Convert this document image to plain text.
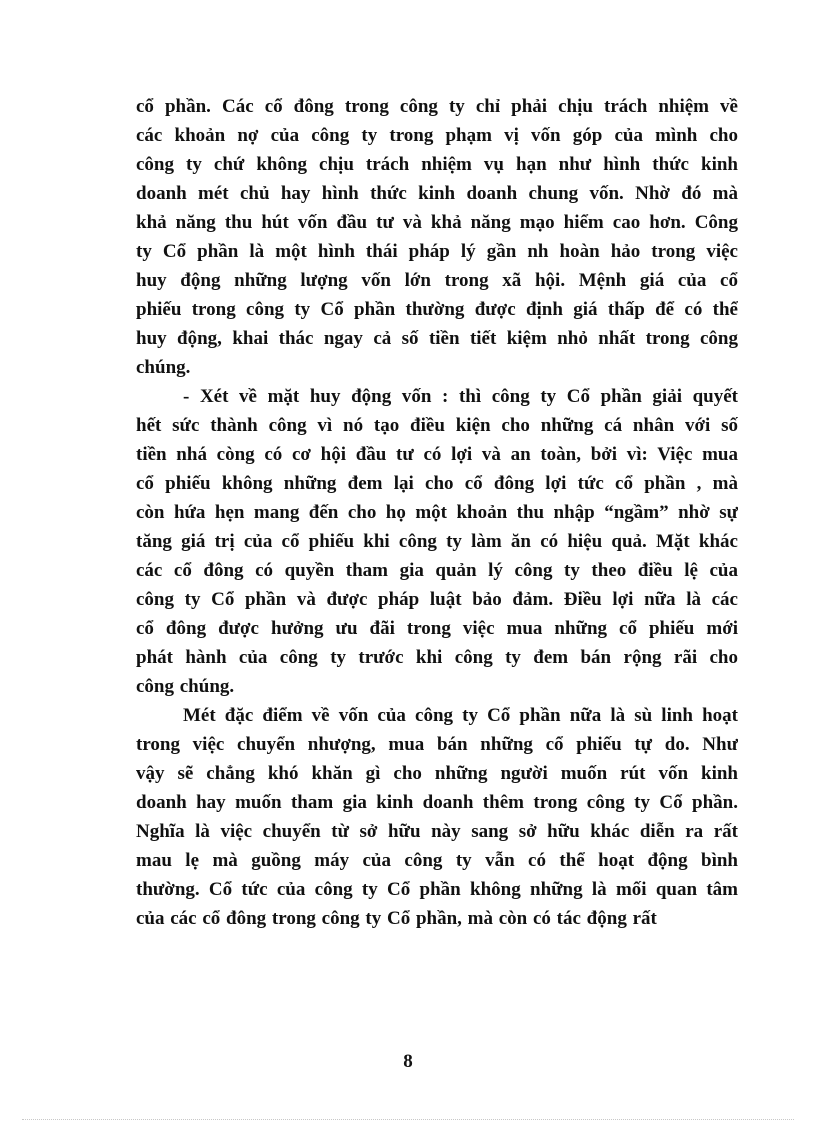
cổ phần. Các cổ đông trong công ty chỉ phải chịu trách nhiệm về
các khoản nợ của công ty trong phạm vị vốn góp của mình cho
công ty chứ không chịu trách nhiệm vụ hạn như hình thức kinh
doanh mét chủ hay hình thức kinh doanh chung vốn. Nhờ đó mà
khả năng thu hút vốn đầu tư và khả năng mạo hiểm cao hơn. Công
ty Cổ phần là một hình thái pháp lý gần nh hoàn hảo trong việc
huy động những lượng vốn lớn trong xã hội. Mệnh giá của cổ
phiếu trong công ty Cổ phần thường được định giá thấp để có thể
huy động, khai thác ngay cả số tiền tiết kiệm nhỏ nhất trong công
chúng.
- Xét về mặt huy động vốn : thì công ty Cổ phần giải quyết
hết sức thành công vì nó tạo điều kiện cho những cá nhân với số
tiền nhá còng có cơ hội đầu tư có lợi và an toàn, bởi vì: Việc mua
cổ phiếu không những đem lại cho cổ đông lợi tức cổ phần , mà
còn hứa hẹn mang đến cho họ một khoản thu nhập “ngầm” nhờ sự
tăng giá trị của cổ phiếu khi công ty làm ăn có hiệu quả. Mặt khác
các cổ đông có quyền tham gia quản lý công ty theo điều lệ của
công ty Cổ phần và được pháp luật bảo đảm. Điều lợi nữa là các
cổ đông được hưởng ưu đãi trong việc mua những cổ phiếu mới
phát hành của công ty trước khi công ty đem bán rộng rãi cho
công chúng.
Mét đặc điểm về vốn của công ty Cổ phần nữa là sù linh hoạt
trong việc chuyển nhượng, mua bán những cổ phiếu tự do. Như
vậy sẽ chẳng khó khăn gì cho những người muốn rút vốn kinh
doanh hay muốn tham gia kinh doanh thêm trong công ty Cổ phần.
Nghĩa là việc chuyển từ sở hữu này sang sở hữu khác diễn ra rất
mau lẹ mà guồng máy của công ty vẫn có thể hoạt động bình
thường. Cổ tức của công ty Cổ phần không những là mối quan tâm
của các cổ đông trong công ty Cổ phần, mà còn có tác động rất
8
